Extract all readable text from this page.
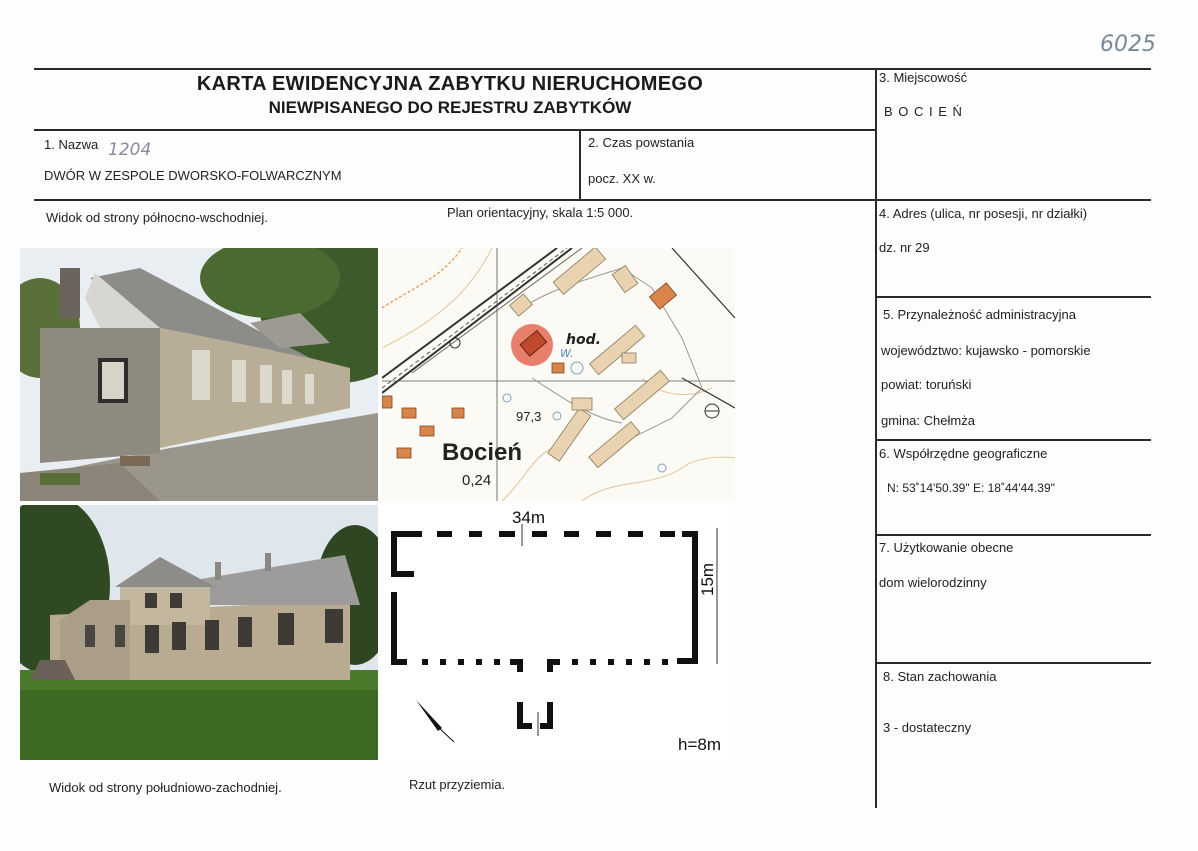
6025
KARTA EWIDENCYJNA ZABYTKU NIERUCHOMEGO
NIEWPISANEGO DO REJESTRU ZABYTKÓW
1. Nazwa 1204
DWÓR W ZESPOLE DWORSKO-FOLWARCZNYM
2. Czas powstania
pocz. XX w.
3. Miejscowość
B O C I E Ń
4. Adres (ulica, nr posesji, nr działki)
dz. nr 29
5. Przynależność administracyjna
województwo: kujawsko - pomorskie
powiat: toruński
gmina: Chełmża
6. Współrzędne geograficzne
N: 53˚14'50.39" E: 18˚44'44.39"
7. Użytkowanie obecne
dom wielorodzinny
8. Stan zachowania
3 - dostateczny
Widok od strony północno-wschodniej.	Plan orientacyjny, skala 1:5 000.
Widok od strony południowo-zachodniej.	Rzut przyziemia.
hod.
W.
97,3
Bocień
0,24
34m
15m
h=8m
